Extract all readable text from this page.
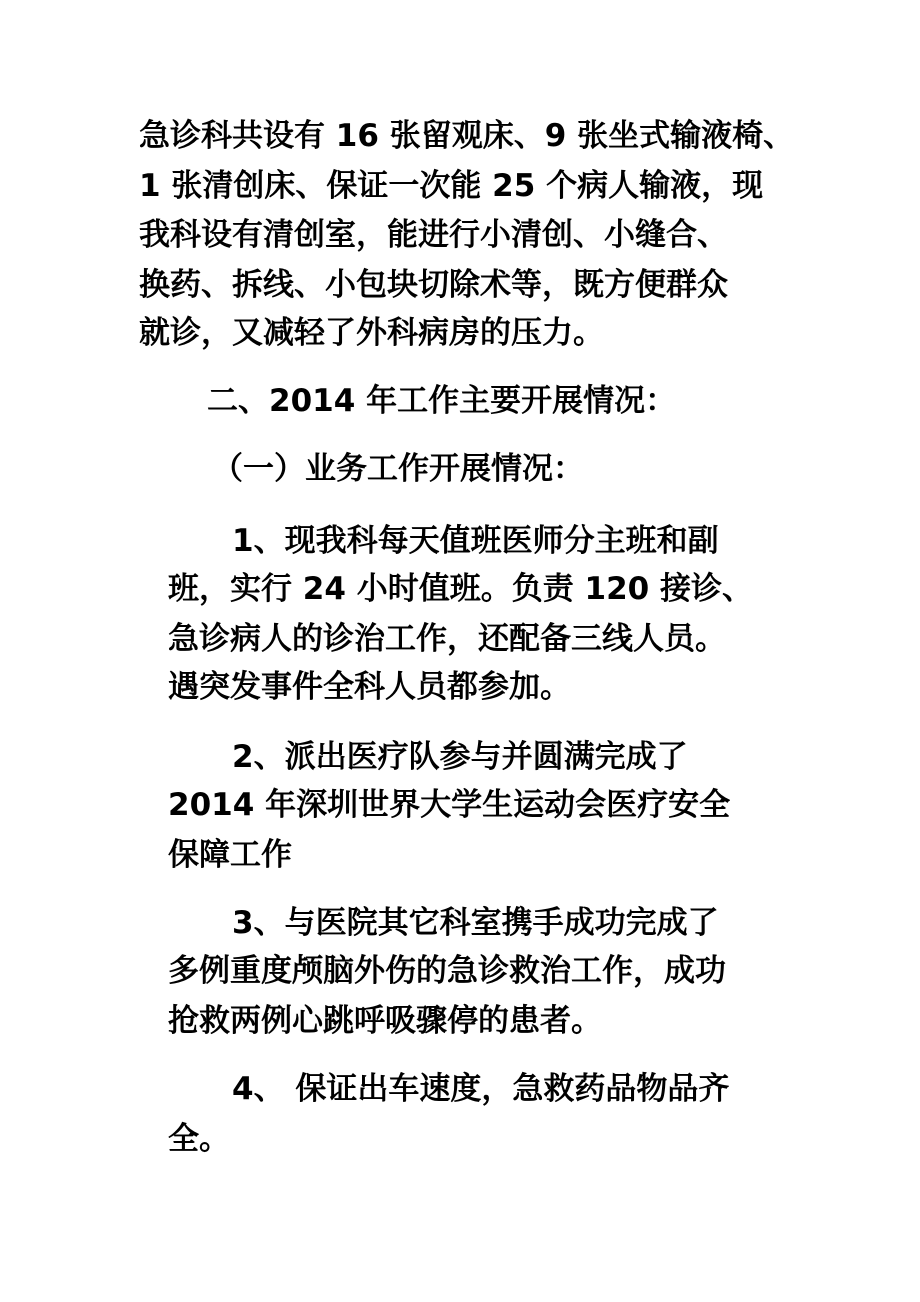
急诊科共设有 16 张留观床、9 张坐式输液椅、

1 张清创床、保证一次能 25 个病人输液，现

我科设有清创室，能进行小清创、小缝合、

换药、拆线、小包块切除术等，既方便群众

就诊，又减轻了外科病房的压力。

二、2014 年工作主要开展情况：
（一）业务工作开展情况：

1、现我科每天值班医师分主班和副

班，实行 24 小时值班。负责 120 接诊、

急诊病人的诊治工作，还配备三线人员。

遇突发事件全科人员都参加。

2、派出医疗队参与并圆满完成了

2014 年深圳世界大学生运动会医疗安全

保障工作

3、与医院其它科室携手成功完成了

多例重度颅脑外伤的急诊救治工作，成功

抢救两例心跳呼吸骤停的患者。

4、 保证出车速度，急救药品物品齐

全。
